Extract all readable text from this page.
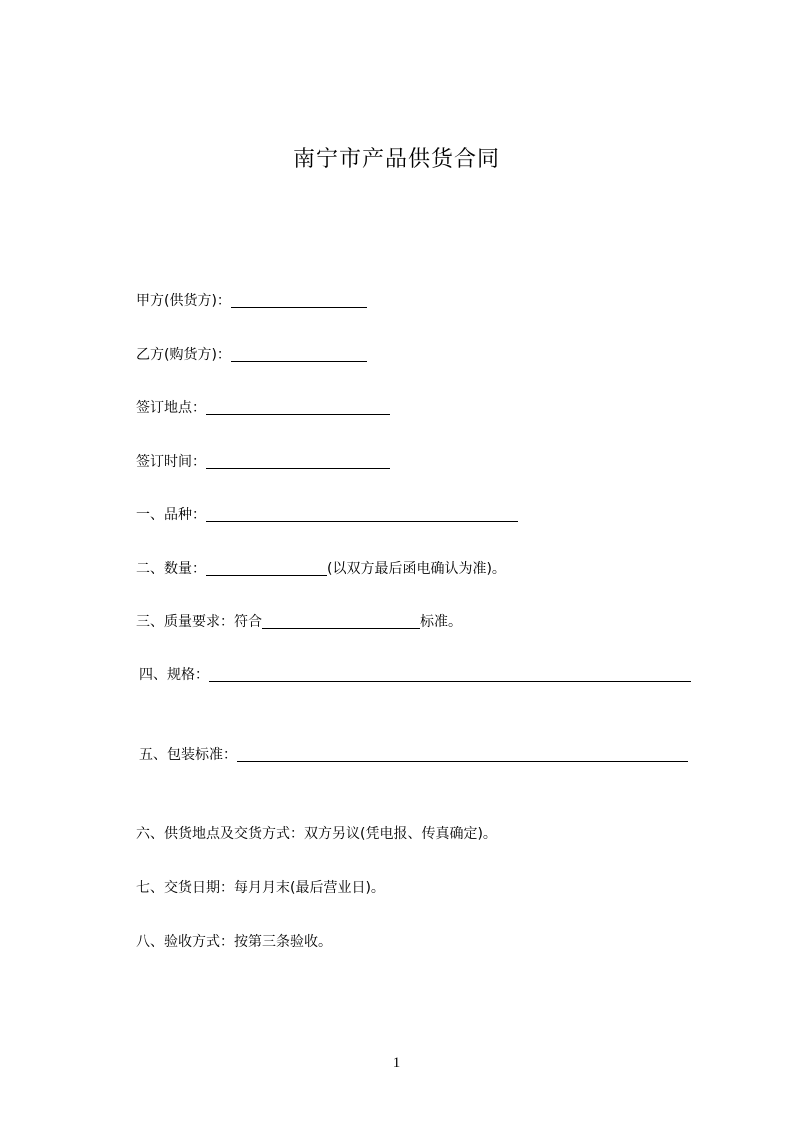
南宁市产品供货合同
甲方(供货方)：
乙方(购货方)：
签订地点：
签订时间：
一、品种：
二、数量：	(以双方最后函电确认为准)。
三、质量要求：符合	标准。
四、规格：
五、包装标准：
六、供货地点及交货方式：双方另议(凭电报、传真确定)。
七、交货日期：每月月末(最后营业日)。
八、验收方式：按第三条验收。
1
